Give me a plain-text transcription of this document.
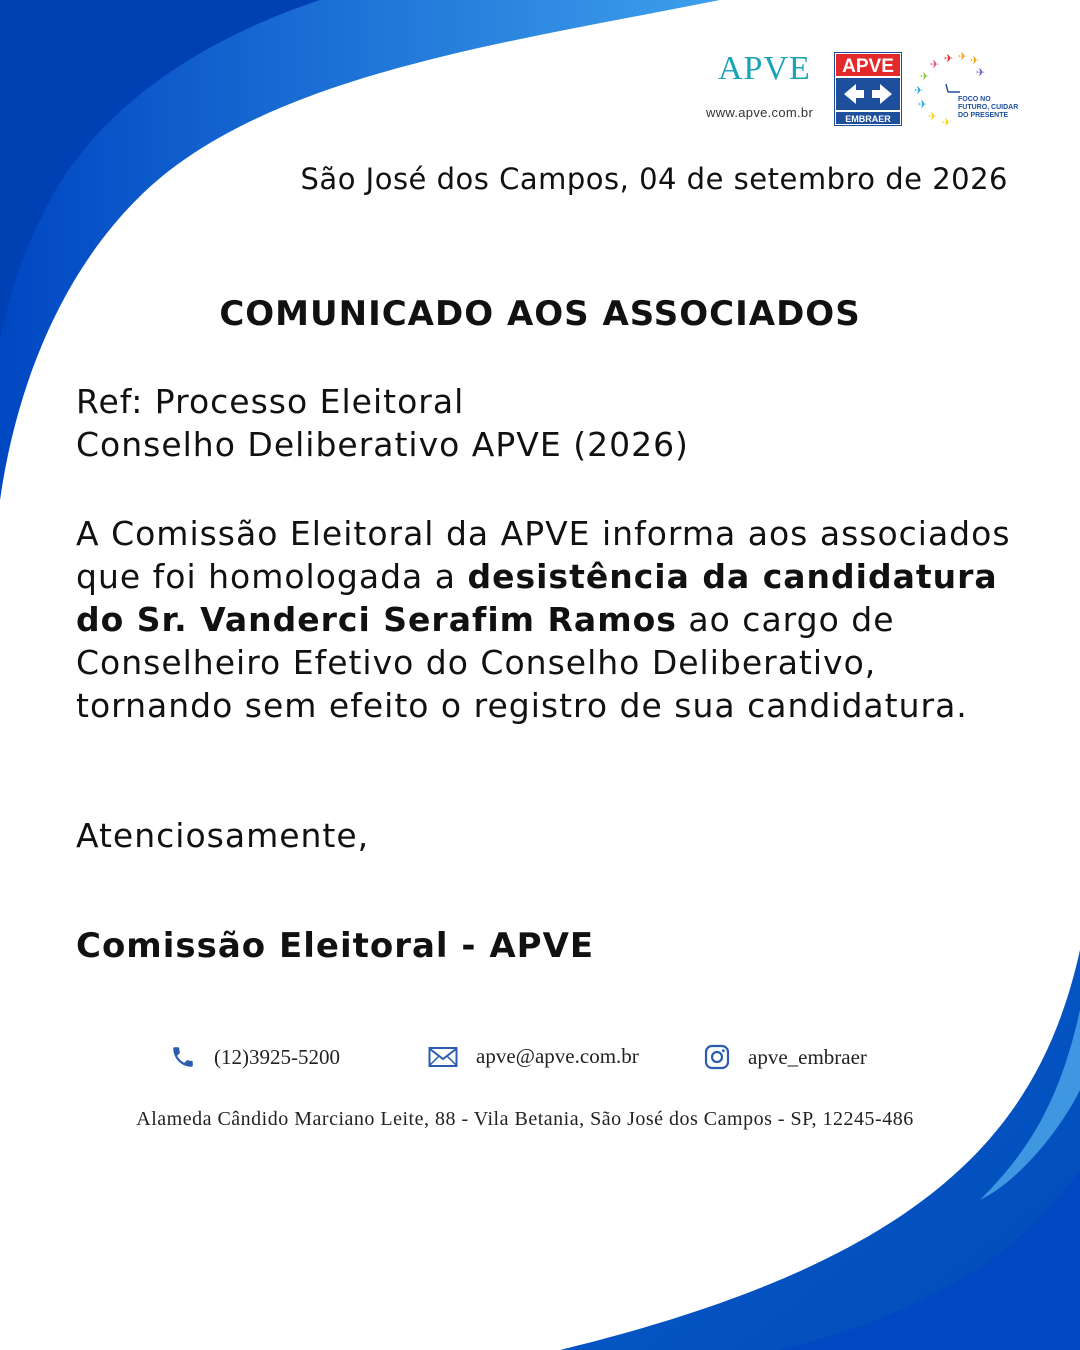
APVE
www.apve.com.br
APVE
EMBRAER
✈ ✈ ✈
✈
✈
✈
✈
✈ ✈
✈
FOCO NO FUTURO, CUIDAR DO PRESENTE
São José dos Campos, 04 de setembro de 2026
COMUNICADO AOS ASSOCIADOS
Ref: Processo Eleitoral
Conselho Deliberativo APVE (2026)
A Comissão Eleitoral da APVE informa aos associados que foi homologada a desistência da candidatura do Sr. Vanderci Serafim Ramos ao cargo de Conselheiro Efetivo do Conselho Deliberativo, tornando sem efeito o registro de sua candidatura.
Atenciosamente,
Comissão Eleitoral - APVE
(12)3925-5200	apve@apve.com.br	apve_embraer
Alameda Cândido Marciano Leite, 88 - Vila Betania, São José dos Campos - SP, 12245-486
